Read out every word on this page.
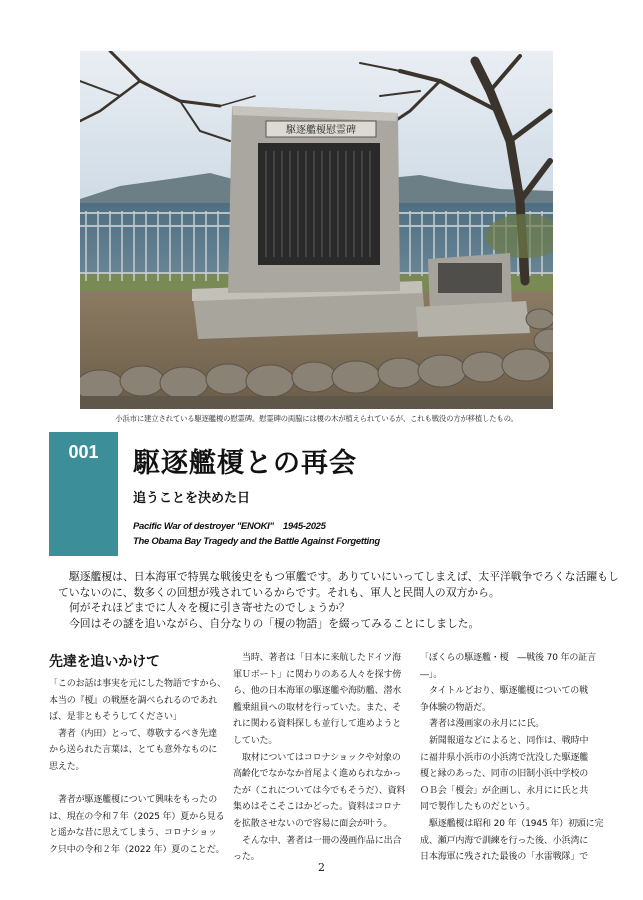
駆逐艦榎慰霊碑
小浜市に建立されている駆逐艦榎の慰霊碑。慰霊碑の両脇には榎の木が植えられているが、これも戦没の方が移植したもの。
001	駆逐艦榎との再会
追うことを決めた日
Pacific War of destroyer "ENOKI"　1945-2025
The Obama Bay Tragedy and the Battle Against Forgetting

駆逐艦榎は、日本海軍で特異な戦後史をもつ軍艦です。ありていにいってしまえば、太平洋戦争でろくな活躍もし

ていないのに、数多くの回想が残されているからです。それも、軍人と民間人の双方から。

何がそれほどまでに人々を榎に引き寄せたのでしょうか？

今回はその謎を追いながら、自分なりの「榎の物語」を綴ってみることにしました。

先達を追いかけて

「このお話は事実を元にした物語ですから、

本当の『榎』の戦歴を調べられるのであれ

ば、是非ともそうしてください」

著者（内田）とって、尊敬するべき先達

から送られた言葉は、とても意外なものに

思えた。

著者が駆逐艦榎について興味をもったの

は、現在の令和７年（2025 年）夏から見る

と遥かな昔に思えてしまう、コロナショッ

ク只中の令和２年（2022 年）夏のことだ。

当時、著者は「日本に来航したドイツ海

軍Ｕボート」に関わりのある人々を探す傍

ら、他の日本海軍の駆逐艦や海防艦、潜水

艦乗組員への取材を行っていた。また、そ

れに関わる資料探しも並行して進めようと

していた。

取材についてはコロナショックや対象の

高齢化でなかなか首尾よく進められなかっ

たが（これについては今でもそうだ）、資料

集めはそこそこはかどった。資料はコロナ

を拡散させないので容易に面会が叶う。

そんな中、著者は一冊の漫画作品に出合

った。

「ぼくらの駆逐艦・榎　―戦後 70 年の証言

―」。

タイトルどおり、駆逐艦榎についての戦

争体験の物語だ。

著者は漫画家の永月にに氏。

新聞報道などによると、同作は、戦時中

に福井県小浜市の小浜湾で沈没した駆逐艦

榎と縁のあった、同市の旧制小浜中学校の

ＯＢ会「榎会」が企画し、永月にに氏と共

同で製作したものだという。

駆逐艦榎は昭和 20 年（1945 年）初頭に完

成、瀬戸内海で訓練を行った後、小浜湾に

日本海軍に残された最後の「水雷戦隊」で

2
